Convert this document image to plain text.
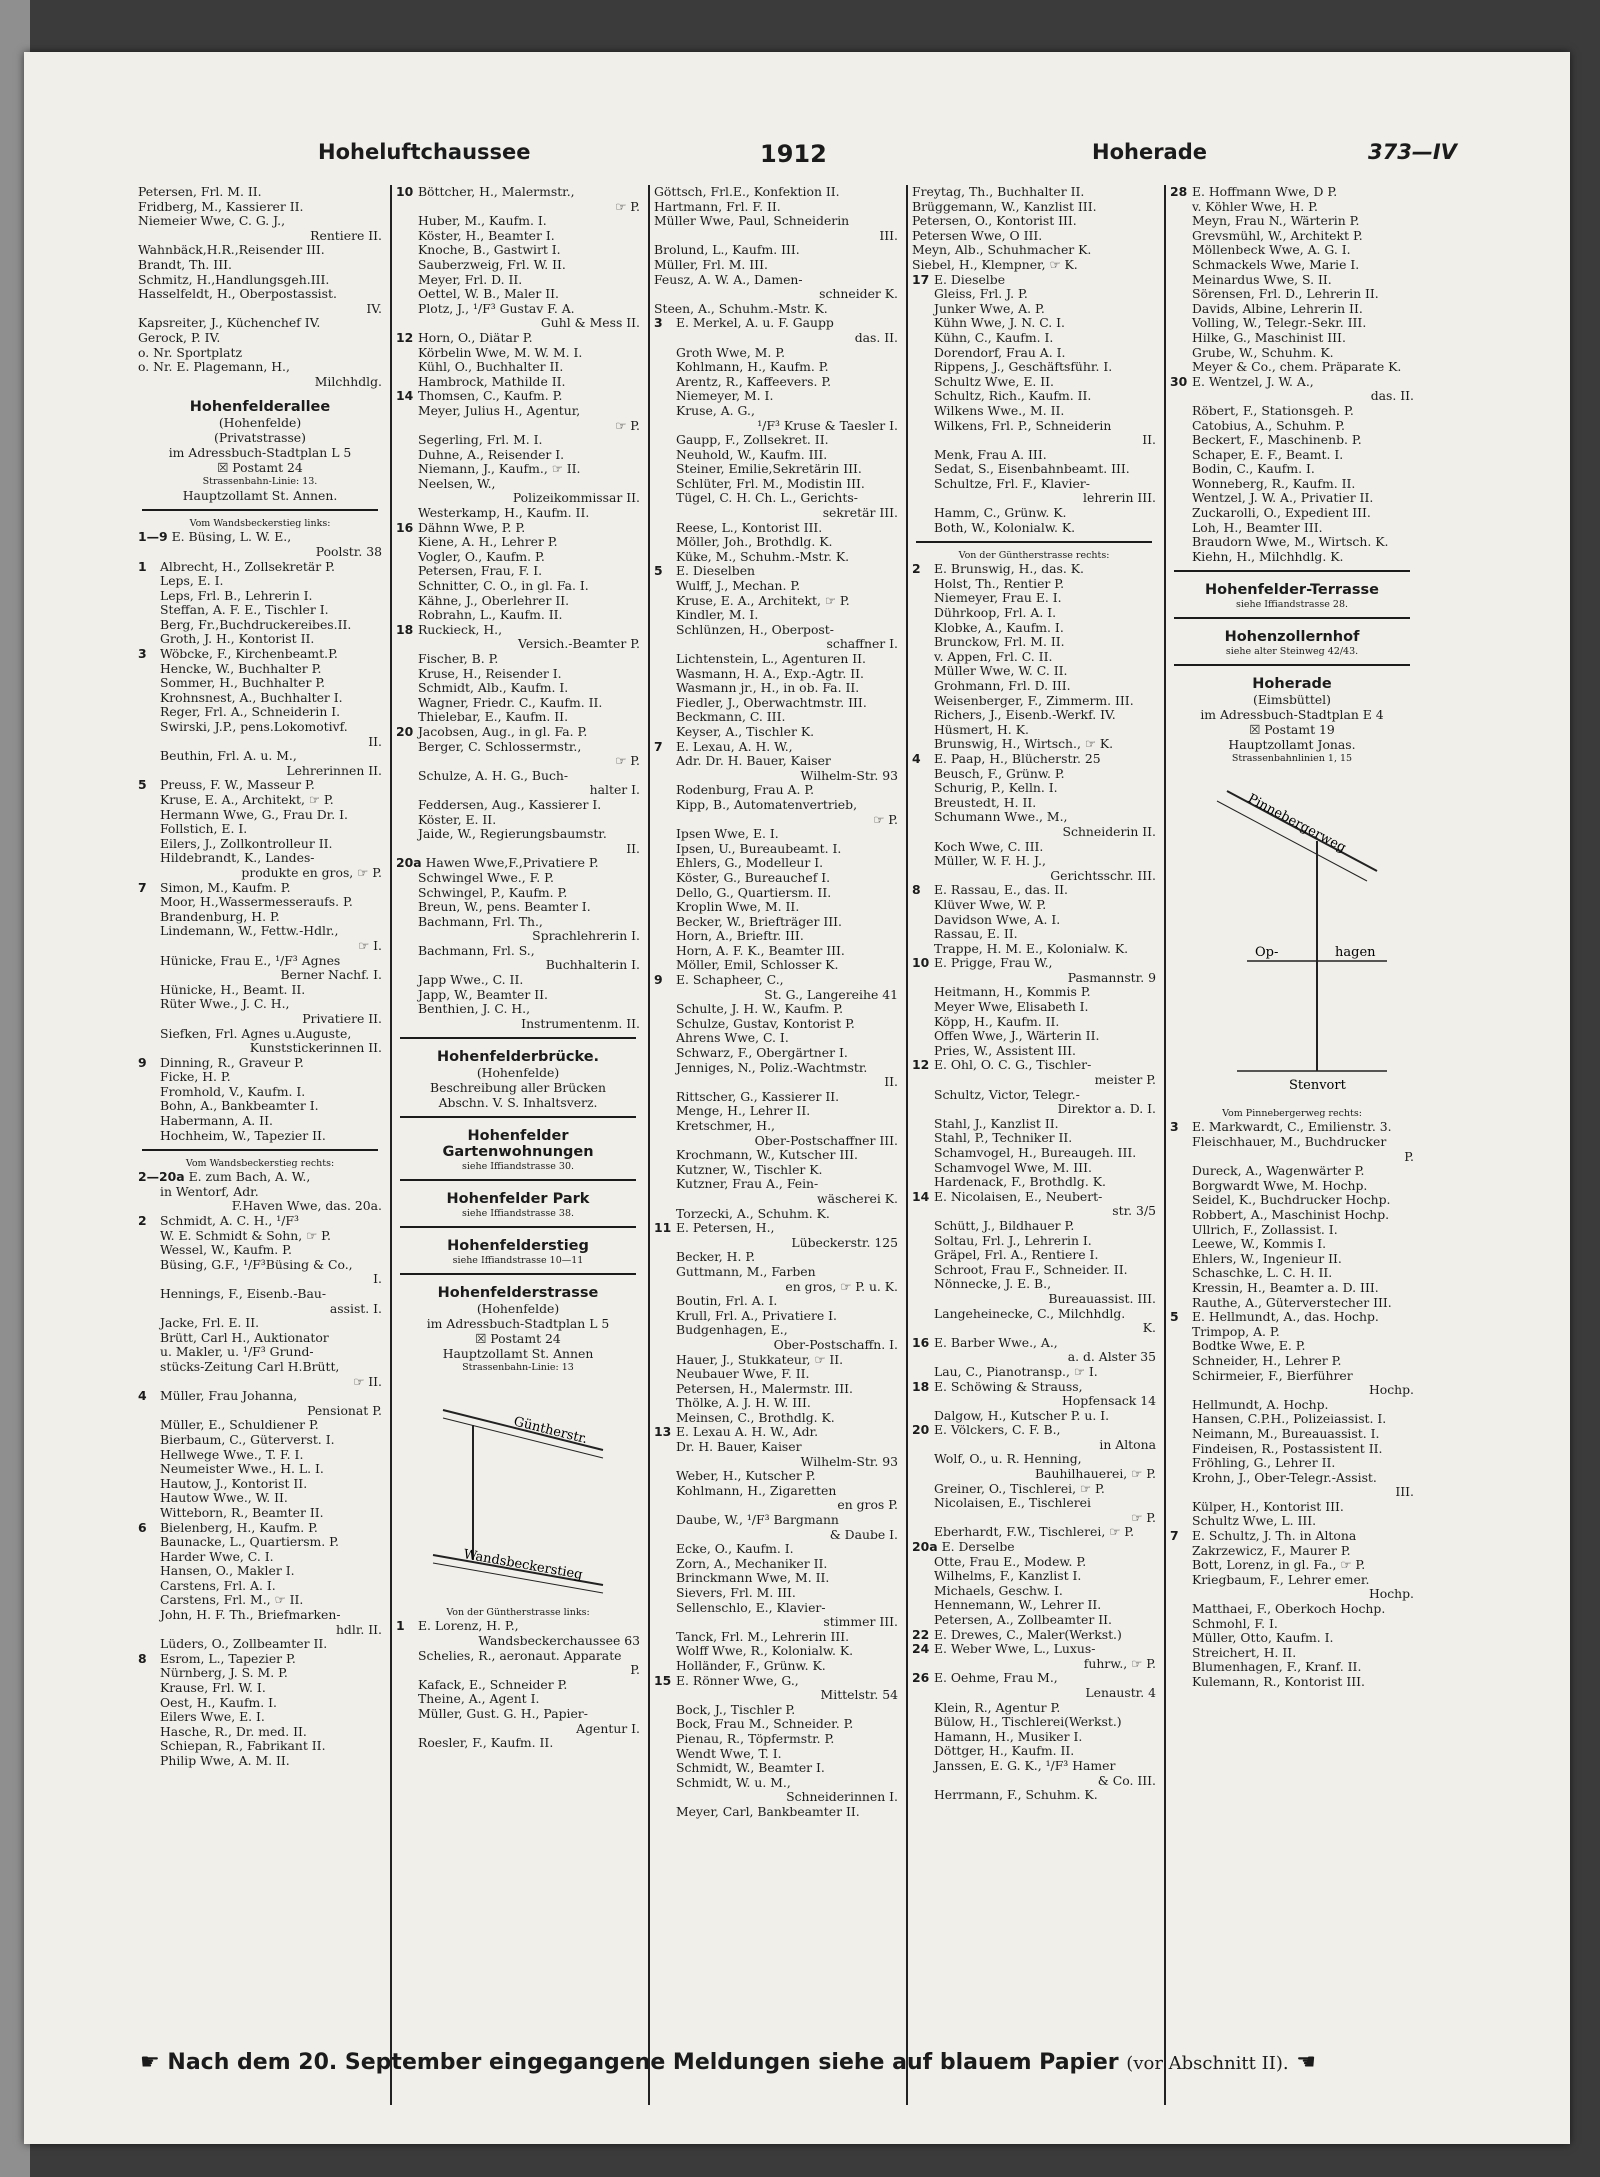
Hoheluftchaussee	1912	Hoherade	373—IV
Petersen, Frl. M. II.
Fridberg, M., Kassierer II.
Niemeier Wwe, C. G. J.,
Rentiere II.
Wahnbäck,H.R.,Reisender III.
Brandt, Th. III.
Schmitz, H.,Handlungsgeh.III.
Hasselfeldt, H., Oberpostassist.
IV.
Kapsreiter, J., Küchenchef IV.
Gerock, P. IV.
o. Nr. Sportplatz
o. Nr. E. Plagemann, H.,
Milchhdlg.
Hohenfelderallee
(Hohenfelde)
(Privatstrasse)
im Adressbuch-Stadtplan L 5
☒ Postamt 24
Strassenbahn-Linie: 13.
Hauptzollamt St. Annen.
Vom Wandsbeckerstieg links:
1—9 E. Büsing, L. W. E.,
Poolstr. 38
1 Albrecht, H., Zollsekretär P.
Leps, E. I.
Leps, Frl. B., Lehrerin I.
Steffan, A. F. E., Tischler I.
Berg, Fr.,Buchdruckereibes.II.
Groth, J. H., Kontorist II.
3 Wöbcke, F., Kirchenbeamt.P.
Hencke, W., Buchhalter P.
Sommer, H., Buchhalter P.
Krohnsnest, A., Buchhalter I.
Reger, Frl. A., Schneiderin I.
Swirski, J.P., pens.Lokomotivf.
II.
Beuthin, Frl. A. u. M.,
Lehrerinnen II.
5 Preuss, F. W., Masseur P.
Kruse, E. A., Architekt, ☞ P.
Hermann Wwe, G., Frau Dr. I.
Follstich, E. I.
Eilers, J., Zollkontrolleur II.
Hildebrandt, K., Landes-
produkte en gros, ☞ P.
7 Simon, M., Kaufm. P.
Moor, H.,Wassermesseraufs. P.
Brandenburg, H. P.
Lindemann, W., Fettw.-Hdlr.,
☞ I.
Hünicke, Frau E., ¹/F³ Agnes
Berner Nachf. I.
Hünicke, H., Beamt. II.
Rüter Wwe., J. C. H.,
Privatiere II.
Siefken, Frl. Agnes u.Auguste,
Kunststickerinnen II.
9 Dinning, R., Graveur P.
Ficke, H. P.
Fromhold, V., Kaufm. I.
Bohn, A., Bankbeamter I.
Habermann, A. II.
Hochheim, W., Tapezier II.
Vom Wandsbeckerstieg rechts:
2—20a E. zum Bach, A. W.,
in Wentorf, Adr.
F.Haven Wwe, das. 20a.
2 Schmidt, A. C. H., ¹/F³
W. E. Schmidt & Sohn, ☞ P.
Wessel, W., Kaufm. P.
Büsing, G.F., ¹/F³Büsing & Co.,
I.
Hennings, F., Eisenb.-Bau-
assist. I.
Jacke, Frl. E. II.
Brütt, Carl H., Auktionator
u. Makler, u. ¹/F³ Grund-
stücks-Zeitung Carl H.Brütt,
☞ II.
4 Müller, Frau Johanna,
Pensionat P.
Müller, E., Schuldiener P.
Bierbaum, C., Güterverst. I.
Hellwege Wwe., T. F. I.
Neumeister Wwe., H. L. I.
Hautow, J., Kontorist II.
Hautow Wwe., W. II.
Witteborn, R., Beamter II.
6 Bielenberg, H., Kaufm. P.
Baunacke, L., Quartiersm. P.
Harder Wwe, C. I.
Hansen, O., Makler I.
Carstens, Frl. A. I.
Carstens, Frl. M., ☞ II.
John, H. F. Th., Briefmarken-
hdlr. II.
Lüders, O., Zollbeamter II.
8 Esrom, L., Tapezier P.
Nürnberg, J. S. M. P.
Krause, Frl. W. I.
Oest, H., Kaufm. I.
Eilers Wwe, E. I.
Hasche, R., Dr. med. II.
Schiepan, R., Fabrikant II.
Philip Wwe, A. M. II.
10 Böttcher, H., Malermstr.,
☞ P.
Huber, M., Kaufm. I.
Köster, H., Beamter I.
Knoche, B., Gastwirt I.
Sauberzweig, Frl. W. II.
Meyer, Frl. D. II.
Oettel, W. B., Maler II.
Plotz, J., ¹/F³ Gustav F. A.
Guhl & Mess II.
12 Horn, O., Diätar P.
Körbelin Wwe, M. W. M. I.
Kühl, O., Buchhalter II.
Hambrock, Mathilde II.
14 Thomsen, C., Kaufm. P.
Meyer, Julius H., Agentur,
☞ P.
Segerling, Frl. M. I.
Duhne, A., Reisender I.
Niemann, J., Kaufm., ☞ II.
Neelsen, W.,
Polizeikommissar II.
Westerkamp, H., Kaufm. II.
16 Dähnn Wwe, P. P.
Kiene, A. H., Lehrer P.
Vogler, O., Kaufm. P.
Petersen, Frau, F. I.
Schnitter, C. O., in gl. Fa. I.
Kähne, J., Oberlehrer II.
Robrahn, L., Kaufm. II.
18 Ruckieck, H.,
Versich.-Beamter P.
Fischer, B. P.
Kruse, H., Reisender I.
Schmidt, Alb., Kaufm. I.
Wagner, Friedr. C., Kaufm. II.
Thielebar, E., Kaufm. II.
20 Jacobsen, Aug., in gl. Fa. P.
Berger, C. Schlossermstr.,
☞ P.
Schulze, A. H. G., Buch-
halter I.
Feddersen, Aug., Kassierer I.
Köster, E. II.
Jaide, W., Regierungsbaumstr.
II.
20a Hawen Wwe,F.,Privatiere P.
Schwingel Wwe., F. P.
Schwingel, P., Kaufm. P.
Breun, W., pens. Beamter I.
Bachmann, Frl. Th.,
Sprachlehrerin I.
Bachmann, Frl. S.,
Buchhalterin I.
Japp Wwe., C. II.
Japp, W., Beamter II.
Benthien, J. C. H.,
Instrumentenm. II.
Hohenfelderbrücke.
(Hohenfelde)
Beschreibung aller Brücken
Abschn. V. S. Inhaltsverz.
Hohenfelder Gartenwohnungen
siehe Iffiandstrasse 30.
Hohenfelder Park
siehe Iffiandstrasse 38.
Hohenfelderstieg
siehe Iffiandstrasse 10—11
Hohenfelderstrasse
(Hohenfelde)
im Adressbuch-Stadtplan L 5
☒ Postamt 24
Hauptzollamt St. Annen
Strassenbahn-Linie: 13
Güntherstr.
Wandsbeckerstieg
Von der Güntherstrasse links:
1 E. Lorenz, H. P.,
Wandsbeckerchaussee 63
Schelies, R., aeronaut. Apparate
P.
Kafack, E., Schneider P.
Theine, A., Agent I.
Müller, Gust. G. H., Papier-
Agentur I.
Roesler, F., Kaufm. II.
Göttsch, Frl.E., Konfektion II.
Hartmann, Frl. F. II.
Müller Wwe, Paul, Schneiderin
III.
Brolund, L., Kaufm. III.
Müller, Frl. M. III.
Feusz, A. W. A., Damen-
schneider K.
Steen, A., Schuhm.-Mstr. K.
3 E. Merkel, A. u. F. Gaupp
das. II.
Groth Wwe, M. P.
Kohlmann, H., Kaufm. P.
Arentz, R., Kaffeevers. P.
Niemeyer, M. I.
Kruse, A. G.,
¹/F³ Kruse & Taesler I.
Gaupp, F., Zollsekret. II.
Neuhold, W., Kaufm. III.
Steiner, Emilie,Sekretärin III.
Schlüter, Frl. M., Modistin III.
Tügel, C. H. Ch. L., Gerichts-
sekretär III.
Reese, L., Kontorist III.
Möller, Joh., Brothdlg. K.
Küke, M., Schuhm.-Mstr. K.
5 E. Dieselben
Wulff, J., Mechan. P.
Kruse, E. A., Architekt, ☞ P.
Kindler, M. I.
Schlünzen, H., Oberpost-
schaffner I.
Lichtenstein, L., Agenturen II.
Wasmann, H. A., Exp.-Agtr. II.
Wasmann jr., H., in ob. Fa. II.
Fiedler, J., Oberwachtmstr. III.
Beckmann, C. III.
Keyser, A., Tischler K.
7 E. Lexau, A. H. W.,
Adr. Dr. H. Bauer, Kaiser
Wilhelm-Str. 93
Rodenburg, Frau A. P.
Kipp, B., Automatenvertrieb,
☞ P.
Ipsen Wwe, E. I.
Ipsen, U., Bureaubeamt. I.
Ehlers, G., Modelleur I.
Köster, G., Bureauchef I.
Dello, G., Quartiersm. II.
Kroplin Wwe, M. II.
Becker, W., Briefträger III.
Horn, A., Brieftr. III.
Horn, A. F. K., Beamter III.
Möller, Emil, Schlosser K.
9 E. Schapheer, C.,
St. G., Langereihe 41
Schulte, J. H. W., Kaufm. P.
Schulze, Gustav, Kontorist P.
Ahrens Wwe, C. I.
Schwarz, F., Obergärtner I.
Jenniges, N., Poliz.-Wachtmstr.
II.
Rittscher, G., Kassierer II.
Menge, H., Lehrer II.
Kretschmer, H.,
Ober-Postschaffner III.
Krochmann, W., Kutscher III.
Kutzner, W., Tischler K.
Kutzner, Frau A., Fein-
wäscherei K.
Torzecki, A., Schuhm. K.
11 E. Petersen, H.,
Lübeckerstr. 125
Becker, H. P.
Guttmann, M., Farben
en gros, ☞ P. u. K.
Boutin, Frl. A. I.
Krull, Frl. A., Privatiere I.
Budgenhagen, E.,
Ober-Postschaffn. I.
Hauer, J., Stukkateur, ☞ II.
Neubauer Wwe, F. II.
Petersen, H., Malermstr. III.
Thölke, A. J. H. W. III.
Meinsen, C., Brothdlg. K.
13 E. Lexau A. H. W., Adr.
Dr. H. Bauer, Kaiser
Wilhelm-Str. 93
Weber, H., Kutscher P.
Kohlmann, H., Zigaretten
en gros P.
Daube, W., ¹/F³ Bargmann
& Daube I.
Ecke, O., Kaufm. I.
Zorn, A., Mechaniker II.
Brinckmann Wwe, M. II.
Sievers, Frl. M. III.
Sellenschlo, E., Klavier-
stimmer III.
Tanck, Frl. M., Lehrerin III.
Wolff Wwe, R., Kolonialw. K.
Holländer, F., Grünw. K.
15 E. Rönner Wwe, G.,
Mittelstr. 54
Bock, J., Tischler P.
Bock, Frau M., Schneider. P.
Pienau, R., Töpfermstr. P.
Wendt Wwe, T. I.
Schmidt, W., Beamter I.
Schmidt, W. u. M.,
Schneiderinnen I.
Meyer, Carl, Bankbeamter II.
Freytag, Th., Buchhalter II.
Brüggemann, W., Kanzlist III.
Petersen, O., Kontorist III.
Petersen Wwe, O III.
Meyn, Alb., Schuhmacher K.
Siebel, H., Klempner, ☞ K.
17 E. Dieselbe
Gleiss, Frl. J. P.
Junker Wwe, A. P.
Kühn Wwe, J. N. C. I.
Kühn, C., Kaufm. I.
Dorendorf, Frau A. I.
Rippens, J., Geschäftsführ. I.
Schultz Wwe, E. II.
Schultz, Rich., Kaufm. II.
Wilkens Wwe., M. II.
Wilkens, Frl. P., Schneiderin
II.
Menk, Frau A. III.
Sedat, S., Eisenbahnbeamt. III.
Schultze, Frl. F., Klavier-
lehrerin III.
Hamm, C., Grünw. K.
Both, W., Kolonialw. K.
Von der Güntherstrasse rechts:
2 E. Brunswig, H., das. K.
Holst, Th., Rentier P.
Niemeyer, Frau E. I.
Dührkoop, Frl. A. I.
Klobke, A., Kaufm. I.
Brunckow, Frl. M. II.
v. Appen, Frl. C. II.
Müller Wwe, W. C. II.
Grohmann, Frl. D. III.
Weisenberger, F., Zimmerm. III.
Richers, J., Eisenb.-Werkf. IV.
Hüsmert, H. K.
Brunswig, H., Wirtsch., ☞ K.
4 E. Paap, H., Blücherstr. 25
Beusch, F., Grünw. P.
Schurig, P., Kelln. I.
Breustedt, H. II.
Schumann Wwe., M.,
Schneiderin II.
Koch Wwe, C. III.
Müller, W. F. H. J.,
Gerichtsschr. III.
8 E. Rassau, E., das. II.
Klüver Wwe, W. P.
Davidson Wwe, A. I.
Rassau, E. II.
Trappe, H. M. E., Kolonialw. K.
10 E. Prigge, Frau W.,
Pasmannstr. 9
Heitmann, H., Kommis P.
Meyer Wwe, Elisabeth I.
Köpp, H., Kaufm. II.
Offen Wwe, J., Wärterin II.
Pries, W., Assistent III.
12 E. Ohl, O. C. G., Tischler-
meister P.
Schultz, Victor, Telegr.-
Direktor a. D. I.
Stahl, J., Kanzlist II.
Stahl, P., Techniker II.
Schamvogel, H., Bureaugeh. III.
Schamvogel Wwe, M. III.
Hardenack, F., Brothdlg. K.
14 E. Nicolaisen, E., Neubert-
str. 3/5
Schütt, J., Bildhauer P.
Soltau, Frl. J., Lehrerin I.
Gräpel, Frl. A., Rentiere I.
Schroot, Frau F., Schneider. II.
Nönnecke, J. E. B.,
Bureauassist. III.
Langeheinecke, C., Milchhdlg.
K.
16 E. Barber Wwe., A.,
a. d. Alster 35
Lau, C., Pianotransp., ☞ I.
18 E. Schöwing & Strauss,
Hopfensack 14
Dalgow, H., Kutscher P. u. I.
20 E. Völckers, C. F. B.,
in Altona
Wolf, O., u. R. Henning,
Bauhilhauerei, ☞ P.
Greiner, O., Tischlerei, ☞ P.
Nicolaisen, E., Tischlerei
☞ P.
Eberhardt, F.W., Tischlerei, ☞ P.
20a E. Derselbe
Otte, Frau E., Modew. P.
Wilhelms, F., Kanzlist I.
Michaels, Geschw. I.
Hennemann, W., Lehrer II.
Petersen, A., Zollbeamter II.
22 E. Drewes, C., Maler(Werkst.)
24 E. Weber Wwe, L., Luxus-
fuhrw., ☞ P.
26 E. Oehme, Frau M.,
Lenaustr. 4
Klein, R., Agentur P.
Bülow, H., Tischlerei(Werkst.)
Hamann, H., Musiker I.
Döttger, H., Kaufm. II.
Janssen, E. G. K., ¹/F³ Hamer
& Co. III.
Herrmann, F., Schuhm. K.
28 E. Hoffmann Wwe, D P.
v. Köhler Wwe, H. P.
Meyn, Frau N., Wärterin P.
Grevsmühl, W., Architekt P.
Möllenbeck Wwe, A. G. I.
Schmackels Wwe, Marie I.
Meinardus Wwe, S. II.
Sörensen, Frl. D., Lehrerin II.
Davids, Albine, Lehrerin II.
Volling, W., Telegr.-Sekr. III.
Hilke, G., Maschinist III.
Grube, W., Schuhm. K.
Meyer & Co., chem. Präparate K.
30 E. Wentzel, J. W. A.,
das. II.
Röbert, F., Stationsgeh. P.
Catobius, A., Schuhm. P.
Beckert, F., Maschinenb. P.
Schaper, E. F., Beamt. I.
Bodin, C., Kaufm. I.
Wonneberg, R., Kaufm. II.
Wentzel, J. W. A., Privatier II.
Zuckarolli, O., Expedient III.
Loh, H., Beamter III.
Braudorn Wwe, M., Wirtsch. K.
Kiehn, H., Milchhdlg. K.
Hohenfelder-Terrasse
siehe Iffiandstrasse 28.
Hohenzollernhof
siehe alter Steinweg 42/43.
Hoherade
(Eimsbüttel)
im Adressbuch-Stadtplan E 4
☒ Postamt 19
Hauptzollamt Jonas.
Strassenbahnlinien 1, 15
Pinnebergerweg
Op-	hagen
Stenvort
Vom Pinnebergerweg rechts:
3 E. Markwardt, C., Emilienstr. 3.
Fleischhauer, M., Buchdrucker
P.
Dureck, A., Wagenwärter P.
Borgwardt Wwe, M. Hochp.
Seidel, K., Buchdrucker Hochp.
Robbert, A., Maschinist Hochp.
Ullrich, F., Zollassist. I.
Leewe, W., Kommis I.
Ehlers, W., Ingenieur II.
Schaschke, L. C. H. II.
Kressin, H., Beamter a. D. III.
Rauthe, A., Güterverstecher III.
5 E. Hellmundt, A., das. Hochp.
Trimpop, A. P.
Bodtke Wwe, E. P.
Schneider, H., Lehrer P.
Schirmeier, F., Bierführer
Hochp.
Hellmundt, A. Hochp.
Hansen, C.P.H., Polizeiassist. I.
Neimann, M., Bureauassist. I.
Findeisen, R., Postassistent II.
Fröhling, G., Lehrer II.
Krohn, J., Ober-Telegr.-Assist.
III.
Külper, H., Kontorist III.
Schultz Wwe, L. III.
7 E. Schultz, J. Th. in Altona
Zakrzewicz, F., Maurer P.
Bott, Lorenz, in gl. Fa., ☞ P.
Kriegbaum, F., Lehrer emer.
Hochp.
Matthaei, F., Oberkoch Hochp.
Schmohl, F. I.
Müller, Otto, Kaufm. I.
Streichert, H. II.
Blumenhagen, F., Kranf. II.
Kulemann, R., Kontorist III.
☛ Nach dem 20. September eingegangene Meldungen siehe auf blauem Papier (vor Abschnitt II). ☚
